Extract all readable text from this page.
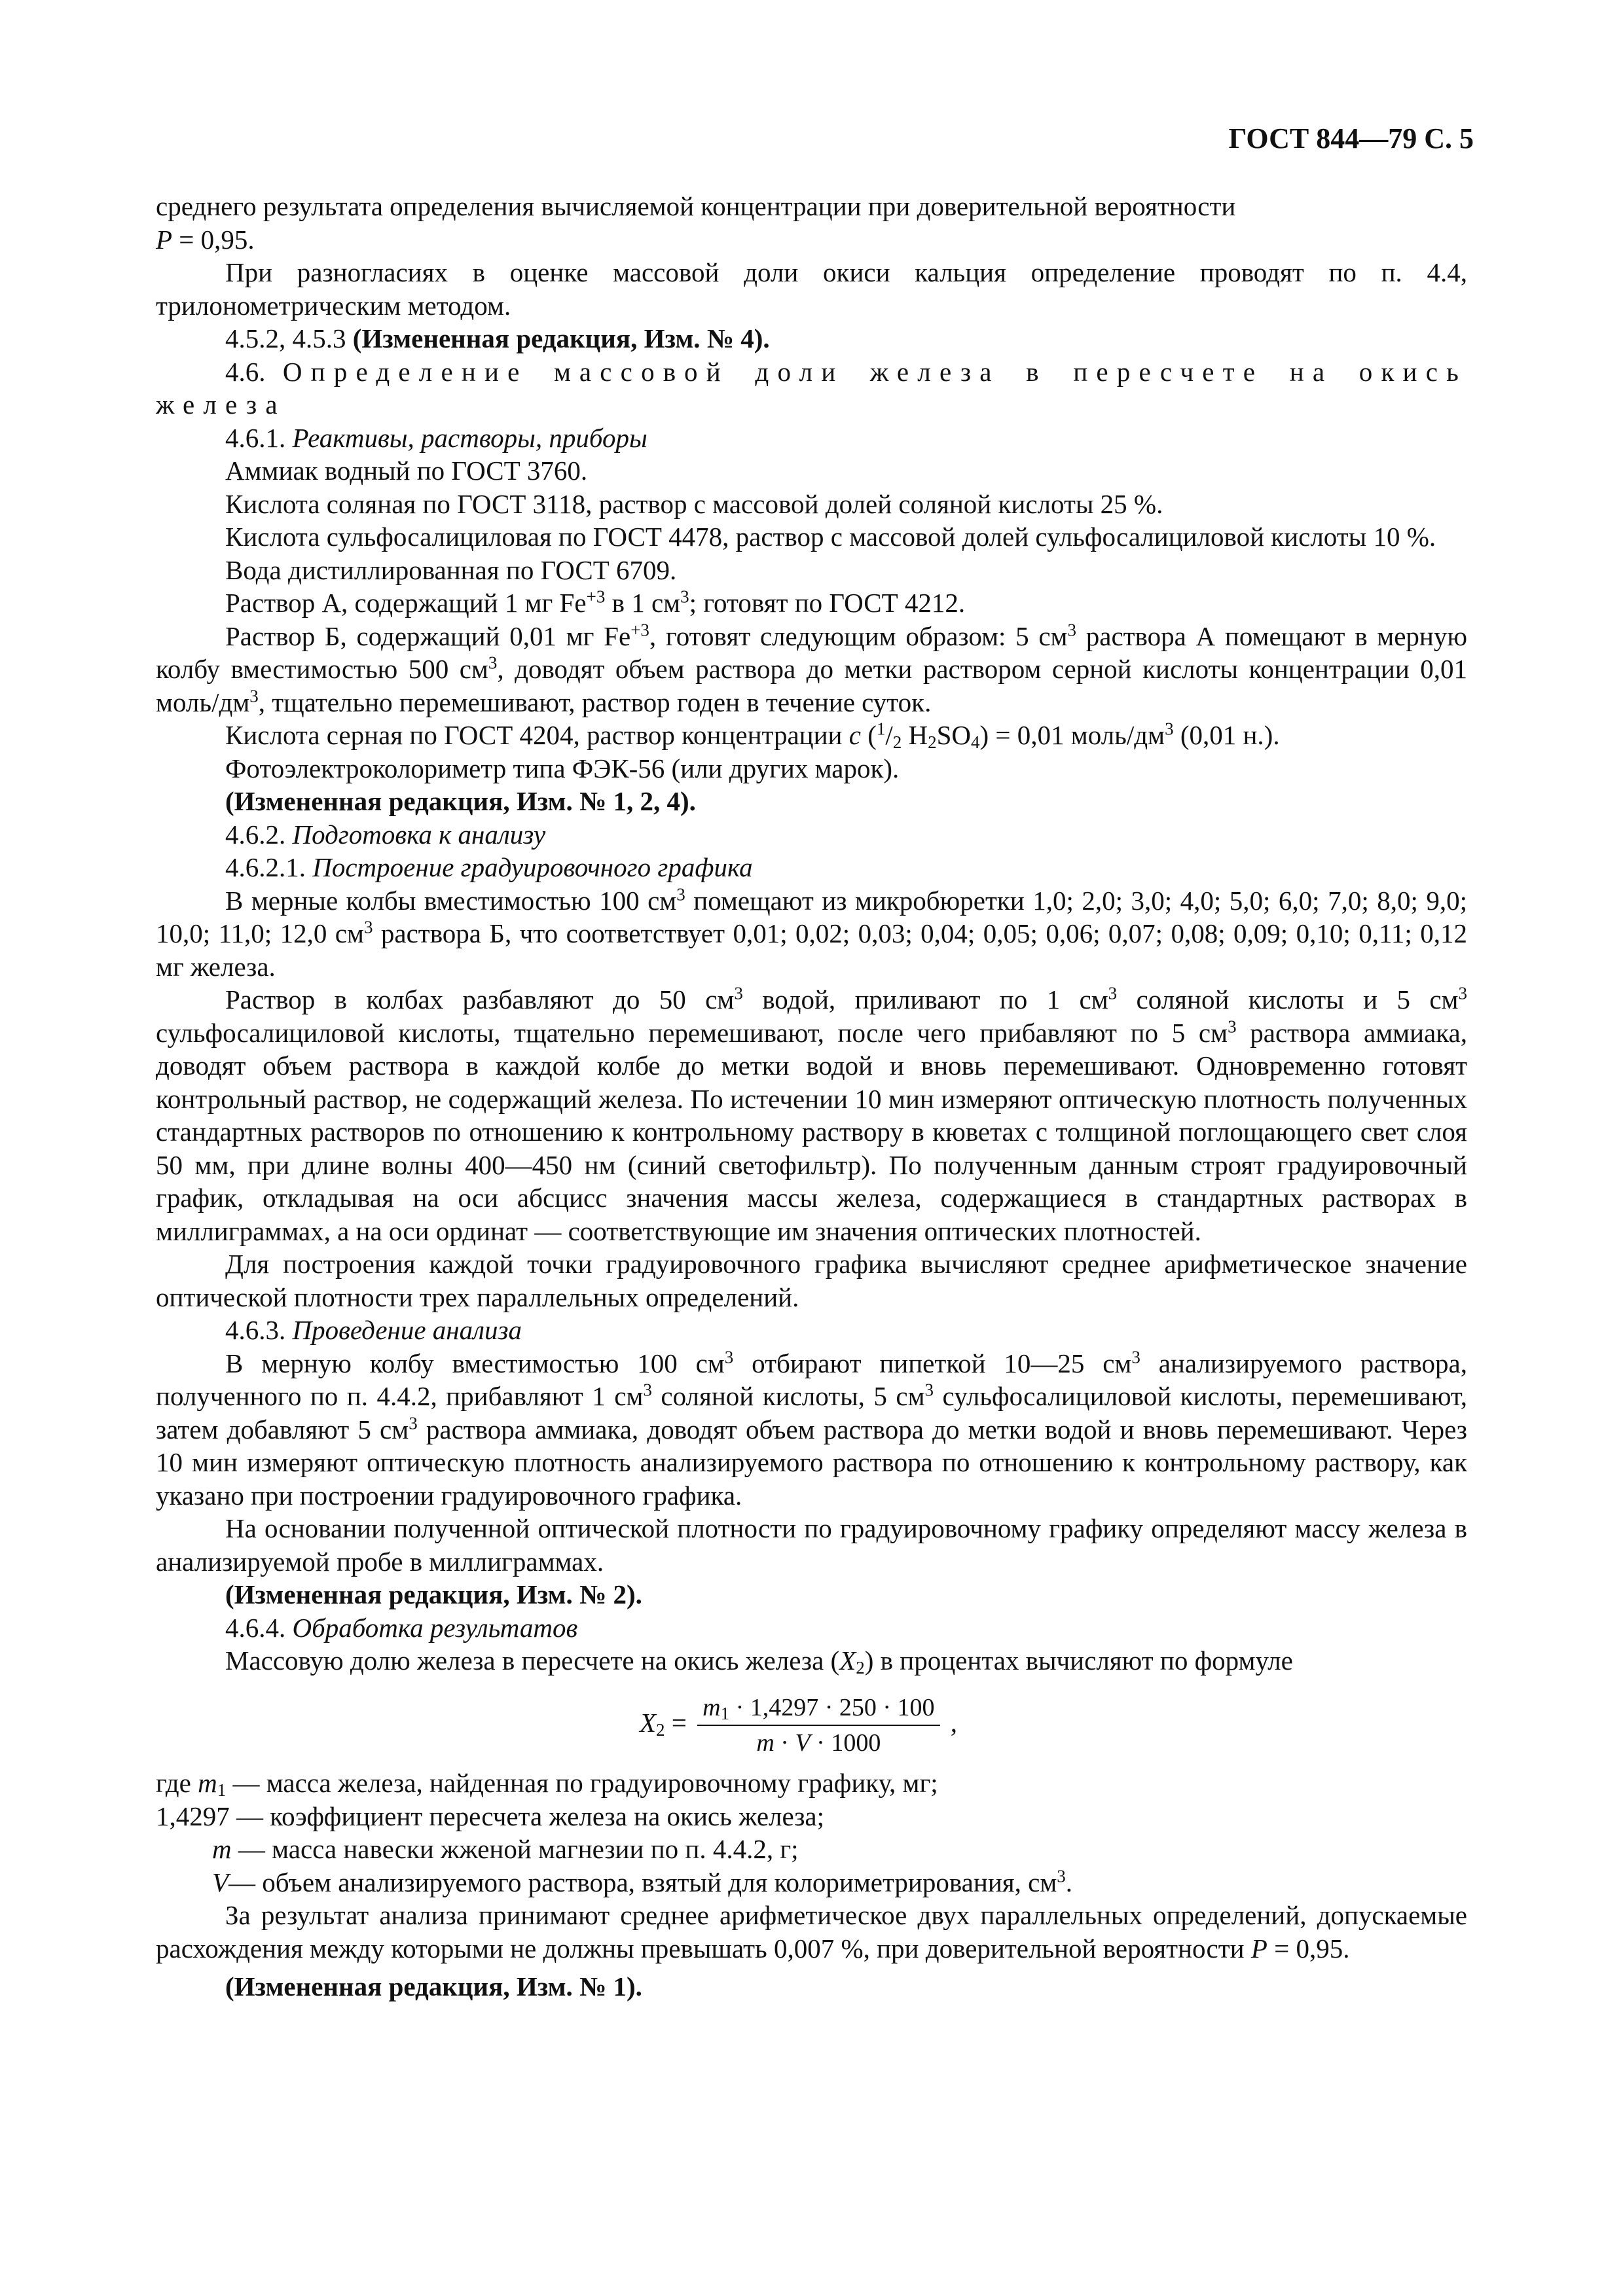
ГОСТ 844—79 С. 5

среднего результата определения вычисляемой концентрации при доверительной вероятности
P = 0,95.

При разногласиях в оценке массовой доли окиси кальция определение проводят по п. 4.4, трилонометрическим методом.

4.5.2, 4.5.3 (Измененная редакция, Изм. № 4).

4.6. Определение массовой доли железа в пересчете на окись железа

4.6.1. Реактивы, растворы, приборы

Аммиак водный по ГОСТ 3760.

Кислота соляная по ГОСТ 3118, раствор с массовой долей соляной кислоты 25 %.

Кислота сульфосалициловая по ГОСТ 4478, раствор с массовой долей сульфосалициловой кислоты 10 %.

Вода дистиллированная по ГОСТ 6709.

Раствор А, содержащий 1 мг $Fe^{+3}$ в 1 $см^3$; готовят по ГОСТ 4212.

Раствор Б, содержащий 0,01 мг $Fe^{+3}$, готовят следующим образом: 5 $см^3$ раствора А помещают в мерную колбу вместимостью 500 $см^3$, доводят объем раствора до метки раствором серной кислоты концентрации 0,01 моль/$дм^3$, тщательно перемешивают, раствор годен в течение суток.

Кислота серная по ГОСТ 4204, раствор концентрации c ($^1/_2$ $H_2SO_4) = 0,01$ моль/$дм^3$ (0,01 н.).

Фотоэлектроколориметр типа ФЭК-56 (или других марок).

(Измененная редакция, Изм. № 1, 2, 4).

4.6.2. Подготовка к анализу

4.6.2.1. Построение градуировочного графика

В мерные колбы вместимостью 100 $см^3$ помещают из микробюретки 1,0; 2,0; 3,0; 4,0; 5,0; 6,0; 7,0; 8,0; 9,0; 10,0; 11,0; 12,0 $см^3$ раствора Б, что соответствует 0,01; 0,02; 0,03; 0,04; 0,05; 0,06; 0,07; 0,08; 0,09; 0,10; 0,11; 0,12 мг железа.

Раствор в колбах разбавляют до 50 $см^3$ водой, приливают по 1 $см^3$ соляной кислоты и 5 $см^3$ сульфосалициловой кислоты, тщательно перемешивают, после чего прибавляют по 5 $см^3$ раствора аммиака, доводят объем раствора в каждой колбе до метки водой и вновь перемешивают. Одновременно готовят контрольный раствор, не содержащий железа. По истечении 10 мин измеряют оптическую плотность полученных стандартных растворов по отношению к контрольному раствору в кюветах с толщиной поглощающего свет слоя 50 мм, при длине волны 400—450 нм (синий светофильтр). По полученным данным строят градуировочный график, откладывая на оси абсцисс значения массы железа, содержащиеся в стандартных растворах в миллиграммах, а на оси ординат — соответствующие им значения оптических плотностей.

Для построения каждой точки градуировочного графика вычисляют среднее арифметическое значение оптической плотности трех параллельных определений.

4.6.3. Проведение анализа

В мерную колбу вместимостью 100 $см^3$ отбирают пипеткой 10—25 $см^3$ анализируемого раствора, полученного по п. 4.4.2, прибавляют 1 $см^3$ соляной кислоты, 5 $см^3$ сульфосалициловой кислоты, перемешивают, затем добавляют 5 $см^3$ раствора аммиака, доводят объем раствора до метки водой и вновь перемешивают. Через 10 мин измеряют оптическую плотность анализируемого раствора по отношению к контрольному раствору, как указано при построении градуировочного графика.

На основании полученной оптической плотности по градуировочному графику определяют массу железа в анализируемой пробе в миллиграммах.

(Измененная редакция, Изм. № 2).

4.6.4. Обработка результатов

Массовую долю железа в пересчете на окись железа $(X_2)$ в процентах вычисляют по формуле

$X_2 = \frac{m_1 \cdot 1,4297 \cdot 250 \cdot 100}{m \cdot V \cdot 1000}$ ,

где $m_1$ — масса железа, найденная по градуировочному графику, мг;

1,4297 — коэффициент пересчета железа на окись железа;

m — масса навески жженой магнезии по п. 4.4.2, г;

V— объем анализируемого раствора, взятый для колориметрирования, $см^3$.

За результат анализа принимают среднее арифметическое двух параллельных определений, допускаемые расхождения между которыми не должны превышать 0,007 %, при доверительной вероятности P = 0,95.

(Измененная редакция, Изм. № 1).
